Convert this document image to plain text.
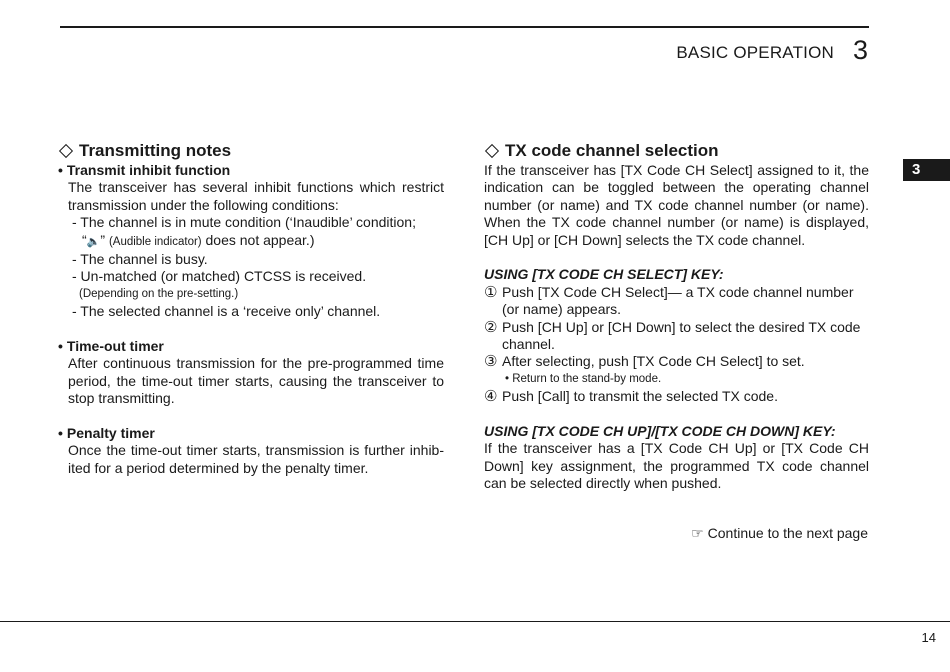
BASIC OPERATION 3
3
Transmitting notes
• Transmit inhibit function
The transceiver has several inhibit functions which restrict transmission under the following conditions:
- The channel is in mute condition (‘Inaudible’ condition;
“🔈” (Audible indicator) does not appear.)
- The channel is busy.
- Un-matched (or matched) CTCSS is received.
(Depending on the pre-setting.)
- The selected channel is a ‘receive only’ channel.
• Time-out timer
After continuous transmission for the pre-programmed time period, the time-out timer starts, causing the transceiver to stop transmitting.
• Penalty timer
Once the time-out timer starts, transmission is further inhib-ited for a period determined by the penalty timer.
TX code channel selection
If the transceiver has [TX Code CH Select] assigned to it, the indication can be toggled between the operating channel number (or name) and TX code channel number (or name). When the TX code channel number (or name) is displayed, [CH Up] or [CH Down] selects the TX code channel.
USING [TX CODE CH SELECT] KEY:
① Push [TX Code CH Select]— a TX code channel number (or name) appears.
② Push [CH Up] or [CH Down] to select the desired TX code channel.
③ After selecting, push [TX Code CH Select] to set.
• Return to the stand-by mode.
④ Push [Call] to transmit the selected TX code.
USING [TX CODE CH UP]/[TX CODE CH DOWN] KEY:
If the transceiver has a [TX Code CH Up] or [TX Code CH Down] key assignment, the programmed TX code channel can be selected directly when pushed.
☞ Continue to the next page
14
